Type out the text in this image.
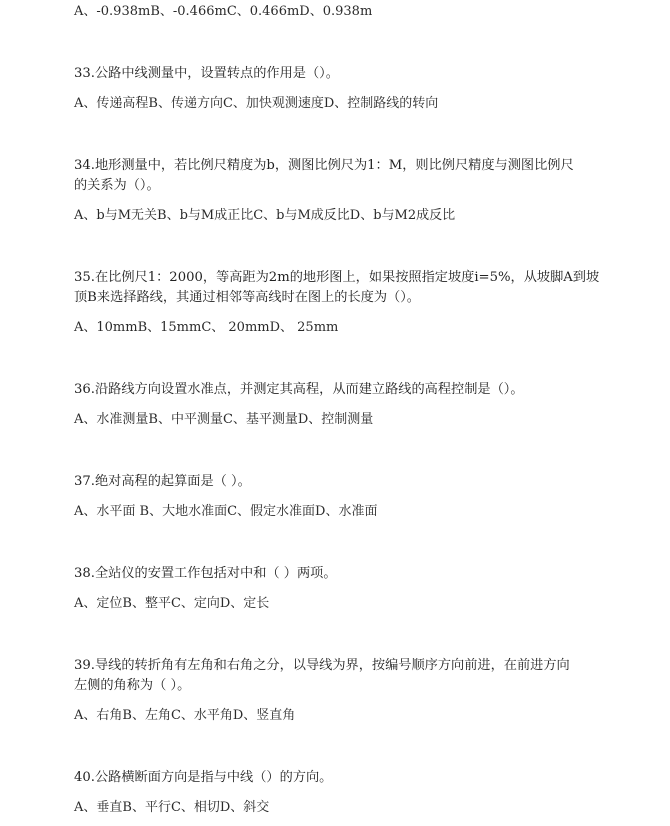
A、-0.938mB、-0.466mC、0.466mD、0.938m
33.公路中线测量中，设置转点的作用是（）。
A、传递高程B、传递方向C、加快观测速度D、控制路线的转向
34.地形测量中，若比例尺精度为b，测图比例尺为1：M，则比例尺精度与测图比例尺
的关系为（）。
A、b与M无关B、b与M成正比C、b与M成反比D、b与M2成反比
35.在比例尺1：2000，等高距为2m的地形图上，如果按照指定坡度i=5%，从坡脚A到坡
顶B来选择路线，其通过相邻等高线时在图上的长度为（）。
A、10mmB、15mmC、 20mmD、 25mm
36.沿路线方向设置水准点，并测定其高程，从而建立路线的高程控制是（）。
A、水准测量B、中平测量C、基平测量D、控制测量
37.绝对高程的起算面是（ ）。
A、水平面 B、大地水准面C、假定水准面D、水准面
38.全站仪的安置工作包括对中和（ ）两项。
A、定位B、整平C、定向D、定长
39.导线的转折角有左角和右角之分，以导线为界，按编号顺序方向前进，在前进方向
左侧的角称为（ ）。
A、右角B、左角C、水平角D、竖直角
40.公路横断面方向是指与中线（）的方向。
A、垂直B、平行C、相切D、斜交
